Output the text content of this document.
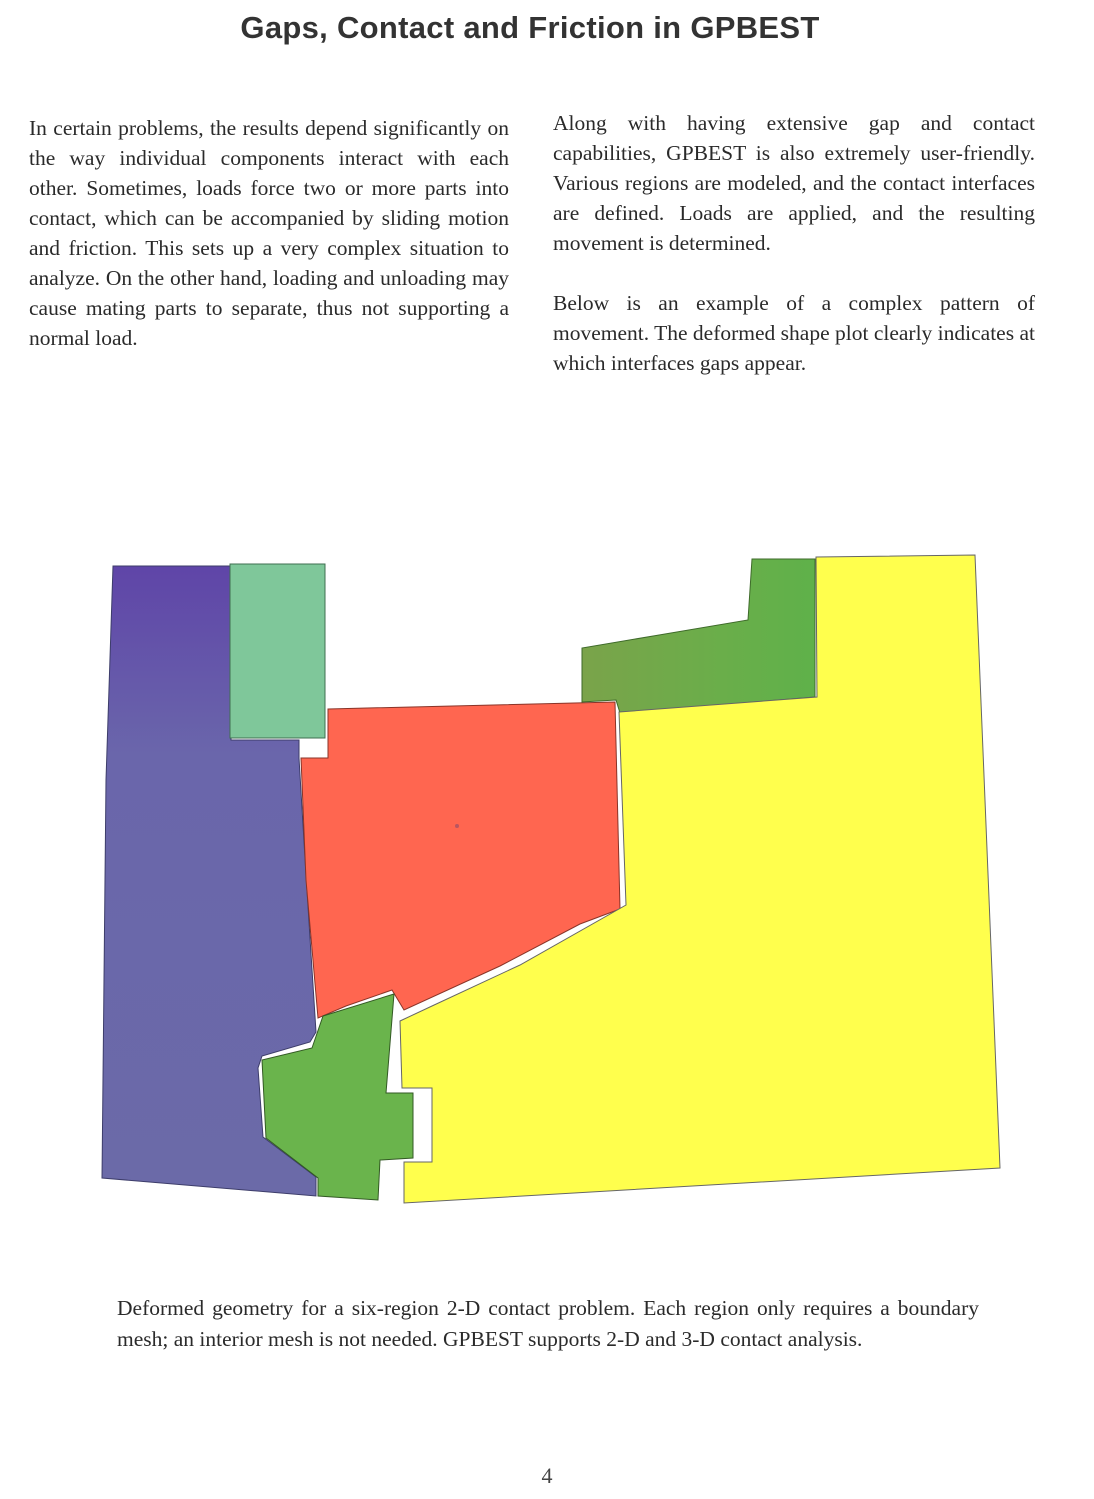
Gaps, Contact and Friction in GPBEST

In certain problems, the results depend significantly on the way individual components interact with each other. Sometimes, loads force two or more parts into contact, which can be accompanied by sliding motion and friction. This sets up a very complex situation to analyze. On the other hand, loading and unloading may cause mating parts to separate, thus not supporting a normal load.

Along with having extensive gap and contact capabilities, GPBEST is also extremely user-friendly. Various regions are modeled, and the contact interfaces are defined. Loads are applied, and the resulting movement is determined.

Below is an example of a complex pattern of movement. The deformed shape plot clearly indicates at which interfaces gaps appear.

Deformed geometry for a six-region 2-D contact problem. Each region only requires a boundary mesh; an interior mesh is not needed. GPBEST supports 2-D and 3-D contact analysis.
4
